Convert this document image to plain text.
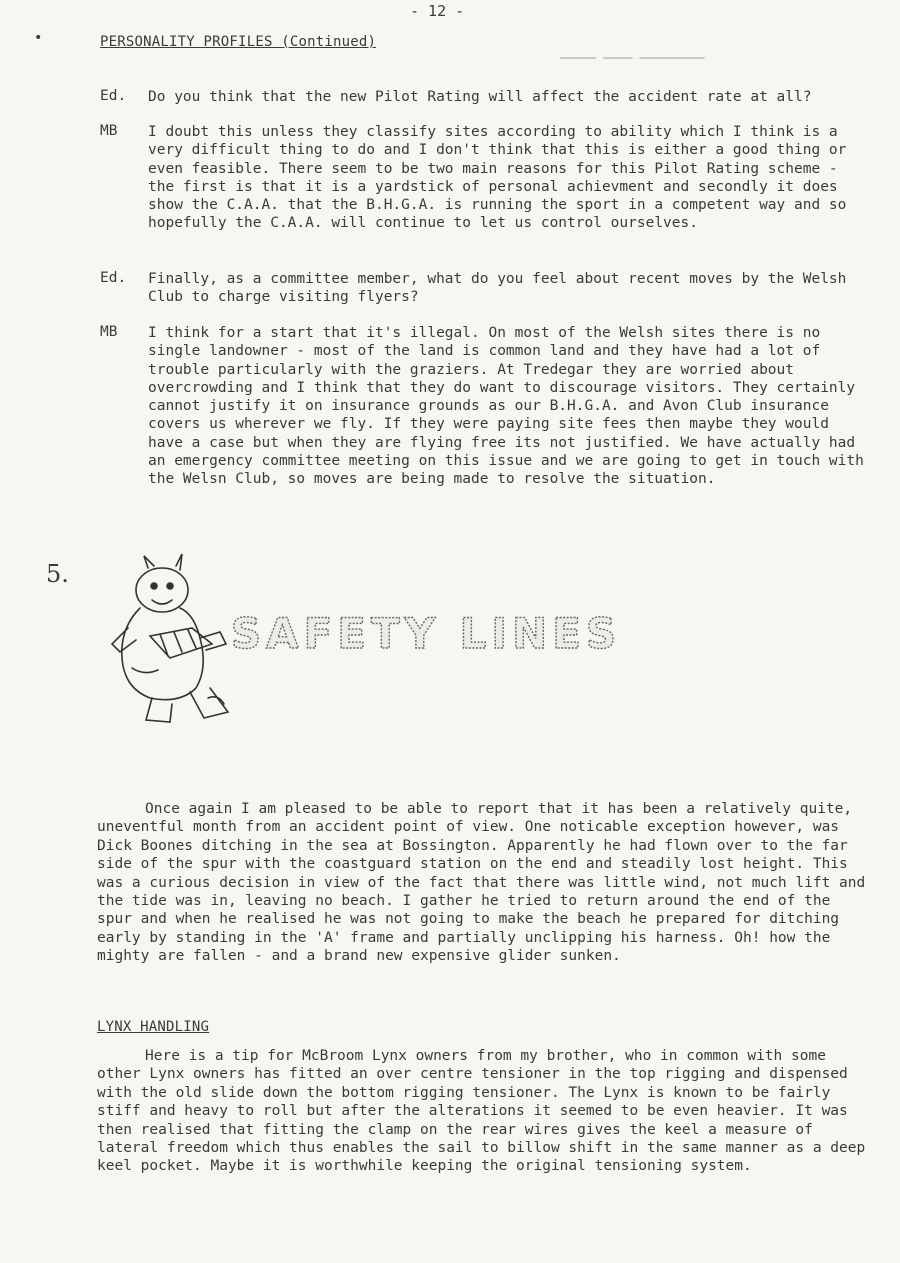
▁▁▁▁▁ ▁▁▁▁ ▁▁▁▁▁▁▁▁▁
- 12 -
•	PERSONALITY PROFILES (Continued)
Ed. Do you think that the new Pilot Rating will affect the accident rate at all?
MB I doubt this unless they classify sites according to ability which I think is a very difficult thing to do and I don't think that this is either a good thing or even feasible. There seem to be two main reasons for this Pilot Rating scheme - the first is that it is a yardstick of personal achievment and secondly it does show the C.A.A. that the B.H.G.A. is running the sport in a competent way and so hopefully the C.A.A. will continue to let us control ourselves.
Ed. Finally, as a committee member, what do you feel about recent moves by the Welsh Club to charge visiting flyers?
MB I think for a start that it's illegal. On most of the Welsh sites there is no single landowner - most of the land is common land and they have had a lot of trouble particularly with the graziers. At Tredegar they are worried about overcrowding and I think that they do want to discourage visitors. They certainly cannot justify it on insurance grounds as our B.H.G.A. and Avon Club insurance covers us wherever we fly. If they were paying site fees then maybe they would have a case but when they are flying free its not justified. We have actually had an emergency committee meeting on this issue and we are going to get in touch with the Welsn Club, so moves are being made to resolve the situation.
5.
SAFETY LINES
Once again I am pleased to be able to report that it has been a relatively quite, uneventful month from an accident point of view. One noticable exception however, was Dick Boones ditching in the sea at Bossington. Apparently he had flown over to the far side of the spur with the coastguard station on the end and steadily lost height. This was a curious decision in view of the fact that there was little wind, not much lift and the tide was in, leaving no beach. I gather he tried to return around the end of the spur and when he realised he was not going to make the beach he prepared for ditching early by standing in the 'A' frame and partially unclipping his harness. Oh! how the mighty are fallen - and a brand new expensive glider sunken.
LYNX HANDLING
Here is a tip for McBroom Lynx owners from my brother, who in common with some other Lynx owners has fitted an over centre tensioner in the top rigging and dispensed with the old slide down the bottom rigging tensioner. The Lynx is known to be fairly stiff and heavy to roll but after the alterations it seemed to be even heavier. It was then realised that fitting the clamp on the rear wires gives the keel a measure of lateral freedom which thus enables the sail to billow shift in the same manner as a deep keel pocket. Maybe it is worthwhile keeping the original tensioning system.
